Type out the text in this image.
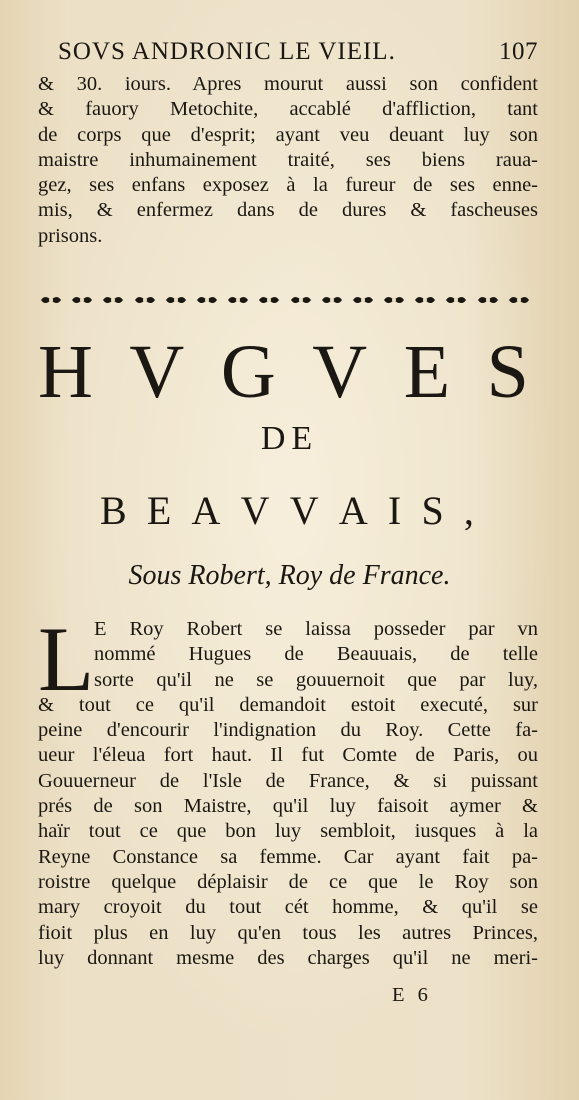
SOVS ANDRONIC LE VIEIL.	107
& 30. iours. Apres mourut aussi son confident
& fauory Metochite, accablé d'affliction, tant
de corps que d'esprit; ayant veu deuant luy son
maistre inhumainement traité, ses biens raua-
gez, ses enfans exposez à la fureur de ses enne-
mis, & enfermez dans de dures & fascheuses
prisons.
H V G V E S
DE
B E A V V A I S ,
Sous Robert, Roy de France.
L E Roy Robert se laissa posseder par vn
nommé Hugues de Beauuais, de telle
sorte qu'il ne se gouuernoit que par luy,
& tout ce qu'il demandoit estoit executé, sur
peine d'encourir l'indignation du Roy. Cette fa-
ueur l'éleua fort haut. Il fut Comte de Paris, ou
Gouuerneur de l'Isle de France, & si puissant
prés de son Maistre, qu'il luy faisoit aymer &
haïr tout ce que bon luy sembloit, iusques à la
Reyne Constance sa femme. Car ayant fait pa-
roistre quelque déplaisir de ce que le Roy son
mary croyoit du tout cét homme, & qu'il se
fioit plus en luy qu'en tous les autres Princes,
luy donnant mesme des charges qu'il ne meri-
E 6
